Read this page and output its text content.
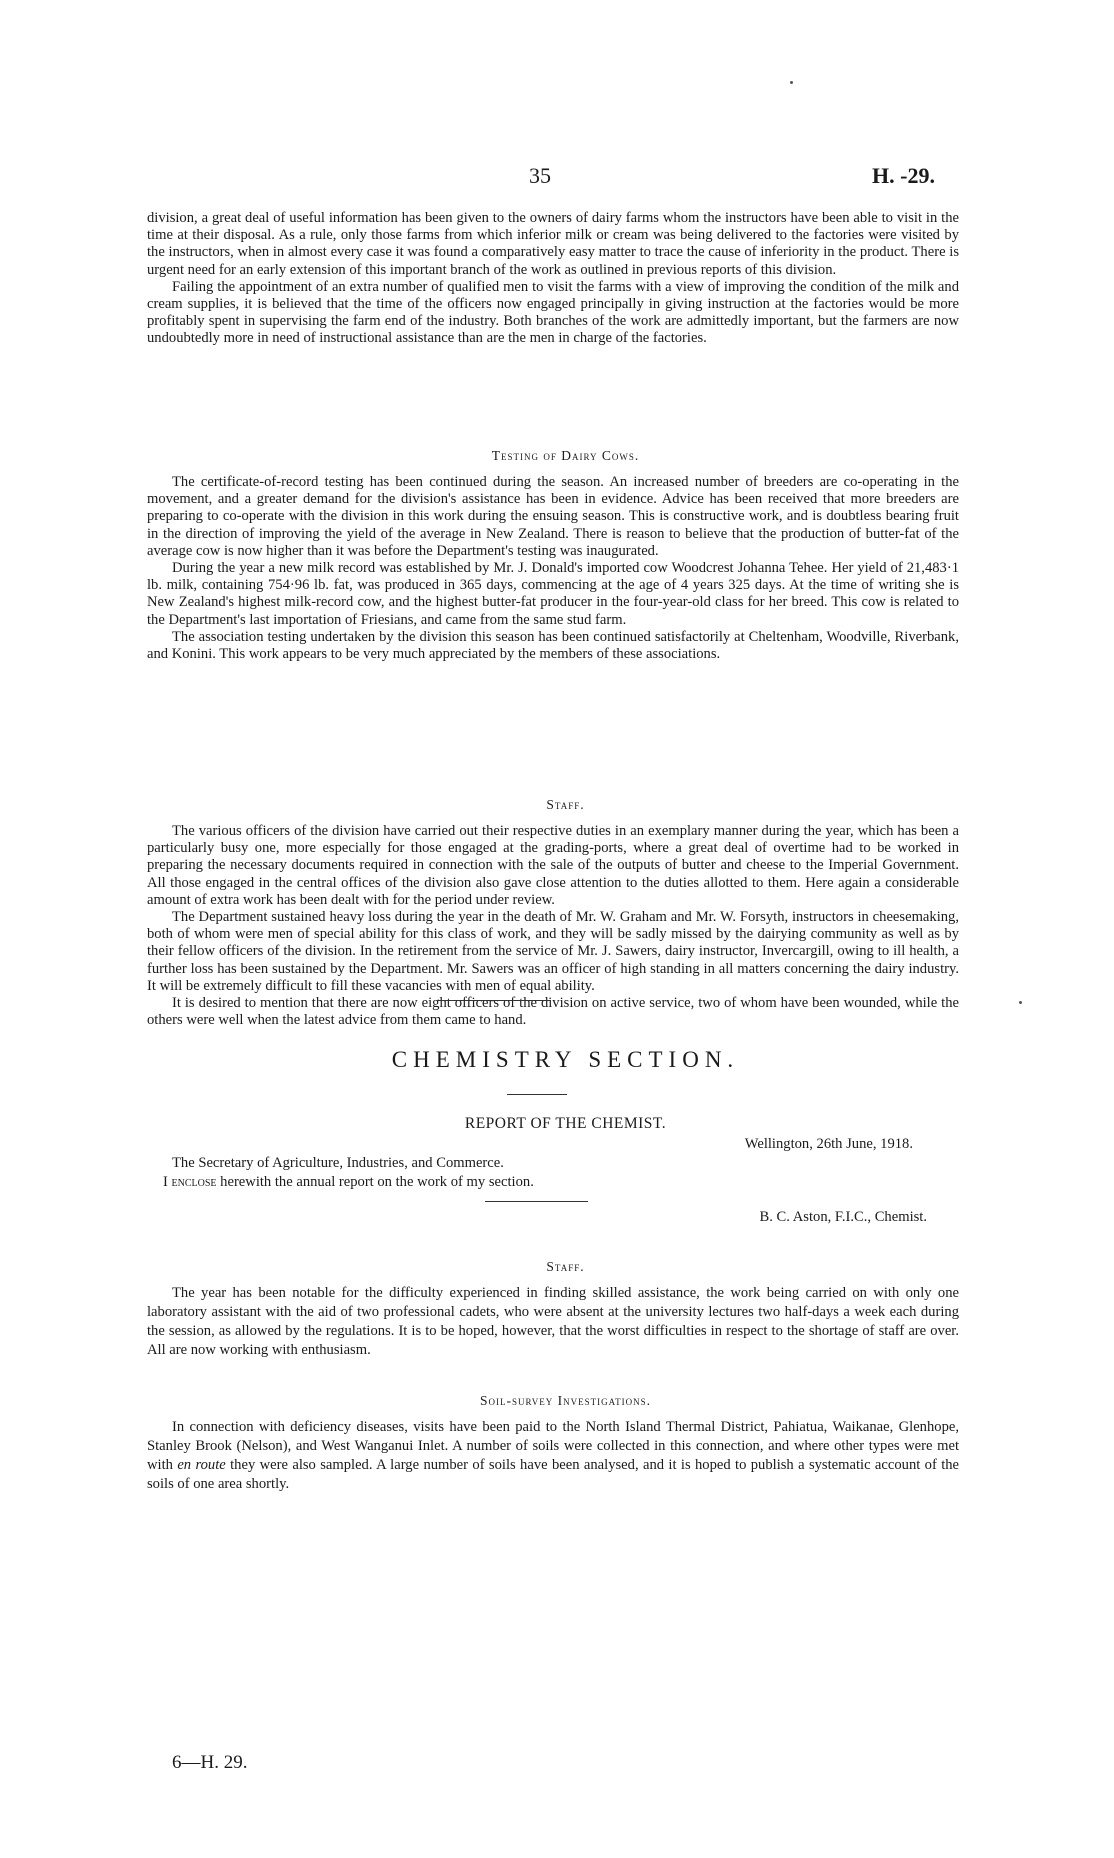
35	H. -29.

division, a great deal of useful information has been given to the owners of dairy farms whom the instructors have been able to visit in the time at their disposal. As a rule, only those farms from which inferior milk or cream was being delivered to the factories were visited by the instructors, when in almost every case it was found a comparatively easy matter to trace the cause of inferiority in the product. There is urgent need for an early extension of this important branch of the work as outlined in previous reports of this division.

Failing the appointment of an extra number of qualified men to visit the farms with a view of improving the condition of the milk and cream supplies, it is believed that the time of the officers now engaged principally in giving instruction at the factories would be more profitably spent in supervising the farm end of the industry. Both branches of the work are admittedly important, but the farmers are now undoubtedly more in need of instructional assistance than are the men in charge of the factories.

Testing of Dairy Cows.

The certificate-of-record testing has been continued during the season. An increased number of breeders are co-operating in the movement, and a greater demand for the division's assistance has been in evidence. Advice has been received that more breeders are preparing to co-operate with the division in this work during the ensuing season. This is constructive work, and is doubtless bearing fruit in the direction of improving the yield of the average in New Zealand. There is reason to believe that the production of butter-fat of the average cow is now higher than it was before the Department's testing was inaugurated.

During the year a new milk record was established by Mr. J. Donald's imported cow Woodcrest Johanna Tehee. Her yield of 21,483·1 lb. milk, containing 754·96 lb. fat, was produced in 365 days, commencing at the age of 4 years 325 days. At the time of writing she is New Zealand's highest milk-record cow, and the highest butter-fat producer in the four-year-old class for her breed. This cow is related to the Department's last importation of Friesians, and came from the same stud farm.

The association testing undertaken by the division this season has been continued satisfactorily at Cheltenham, Woodville, Riverbank, and Konini. This work appears to be very much appreciated by the members of these associations.

Staff.

The various officers of the division have carried out their respective duties in an exemplary manner during the year, which has been a particularly busy one, more especially for those engaged at the grading-ports, where a great deal of overtime had to be worked in preparing the necessary documents required in connection with the sale of the outputs of butter and cheese to the Imperial Government. All those engaged in the central offices of the division also gave close attention to the duties allotted to them. Here again a considerable amount of extra work has been dealt with for the period under review.

The Department sustained heavy loss during the year in the death of Mr. W. Graham and Mr. W. Forsyth, instructors in cheesemaking, both of whom were men of special ability for this class of work, and they will be sadly missed by the dairying community as well as by their fellow officers of the division. In the retirement from the service of Mr. J. Sawers, dairy instructor, Invercargill, owing to ill health, a further loss has been sustained by the Department. Mr. Sawers was an officer of high standing in all matters concerning the dairy industry. It will be extremely difficult to fill these vacancies with men of equal ability.

It is desired to mention that there are now eight officers of the division on active service, two of whom have been wounded, while the others were well when the latest advice from them came to hand.

CHEMISTRY SECTION.

REPORT OF THE CHEMIST.

Wellington, 26th June, 1918.

The Secretary of Agriculture, Industries, and Commerce.

I enclose herewith the annual report on the work of my section.

B. C. Aston, F.I.C., Chemist.

Staff.

The year has been notable for the difficulty experienced in finding skilled assistance, the work being carried on with only one laboratory assistant with the aid of two professional cadets, who were absent at the university lectures two half-days a week each during the session, as allowed by the regulations. It is to be hoped, however, that the worst difficulties in respect to the shortage of staff are over. All are now working with enthusiasm.

Soil-survey Investigations.

In connection with deficiency diseases, visits have been paid to the North Island Thermal District, Pahiatua, Waikanae, Glenhope, Stanley Brook (Nelson), and West Wanganui Inlet. A number of soils were collected in this connection, and where other types were met with en route they were also sampled. A large number of soils have been analysed, and it is hoped to publish a systematic account of the soils of one area shortly.

6—H. 29.
